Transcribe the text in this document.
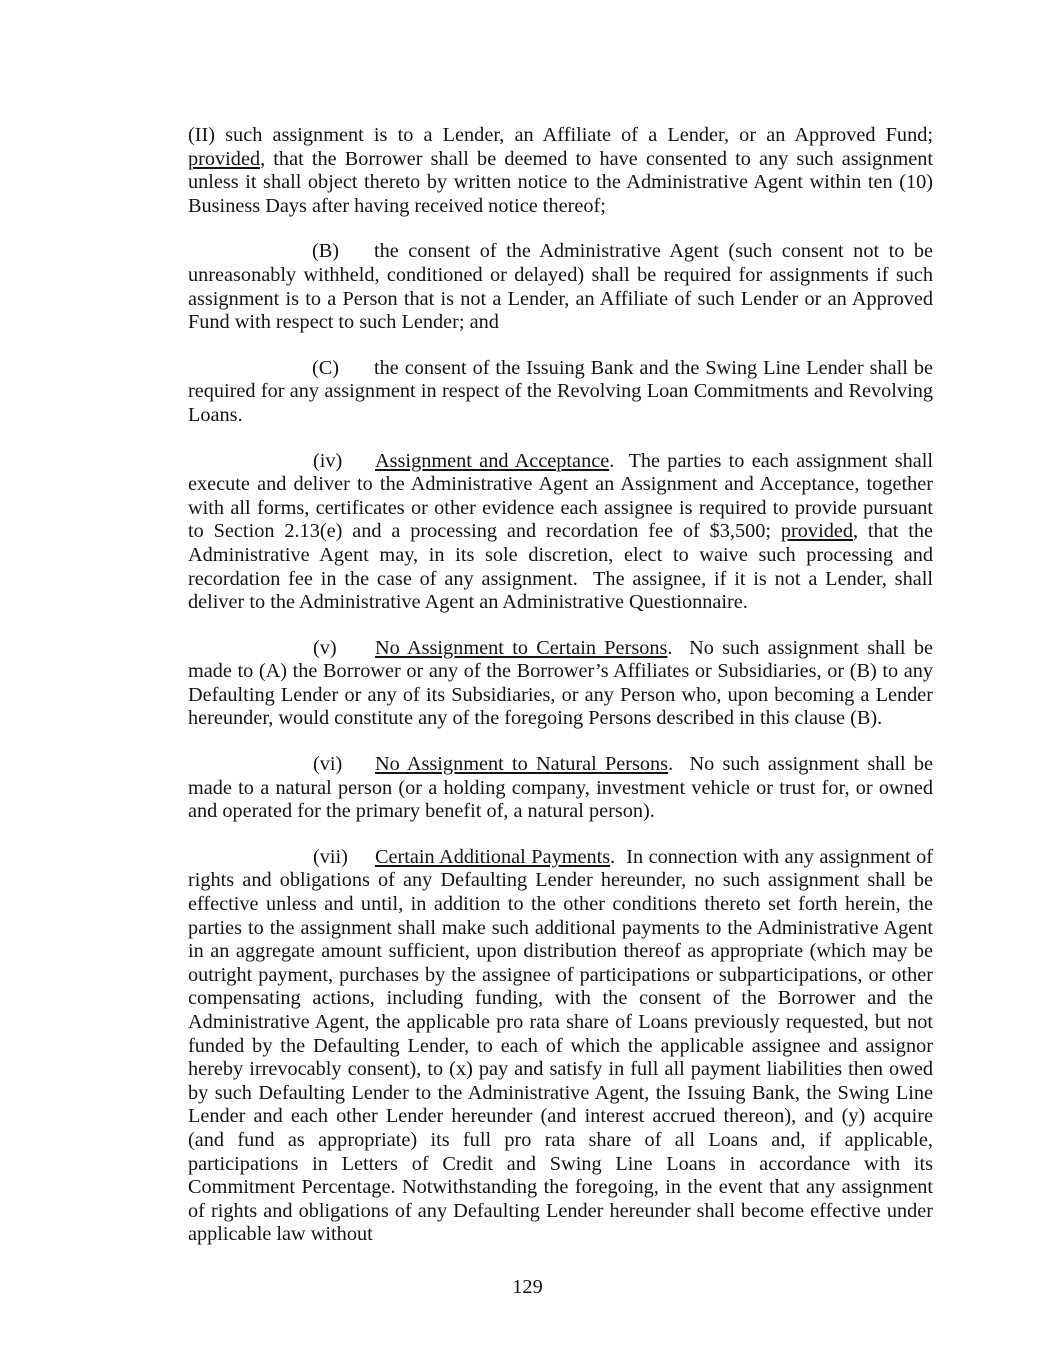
(II) such assignment is to a Lender, an Affiliate of a Lender, or an Approved Fund; provided, that the Borrower shall be deemed to have consented to any such assignment unless it shall object thereto by written notice to the Administrative Agent within ten (10) Business Days after having received notice thereof;

(B) the consent of the Administrative Agent (such consent not to be unreasonably withheld, conditioned or delayed) shall be required for assignments if such assignment is to a Person that is not a Lender, an Affiliate of such Lender or an Approved Fund with respect to such Lender; and

(C) the consent of the Issuing Bank and the Swing Line Lender shall be required for any assignment in respect of the Revolving Loan Commitments and Revolving Loans.

(iv) Assignment and Acceptance.  The parties to each assignment shall execute and deliver to the Administrative Agent an Assignment and Acceptance, together with all forms, certificates or other evidence each assignee is required to provide pursuant to Section 2.13(e) and a processing and recordation fee of $3,500; provided, that the Administrative Agent may, in its sole discretion, elect to waive such processing and recordation fee in the case of any assignment.  The assignee, if it is not a Lender, shall deliver to the Administrative Agent an Administrative Questionnaire.

(v) No Assignment to Certain Persons.  No such assignment shall be made to (A) the Borrower or any of the Borrower’s Affiliates or Subsidiaries, or (B) to any Defaulting Lender or any of its Subsidiaries, or any Person who, upon becoming a Lender hereunder, would constitute any of the foregoing Persons described in this clause (B).

(vi) No Assignment to Natural Persons.  No such assignment shall be made to a natural person (or a holding company, investment vehicle or trust for, or owned and operated for the primary benefit of, a natural person).

(vii) Certain Additional Payments.  In connection with any assignment of rights and obligations of any Defaulting Lender hereunder, no such assignment shall be effective unless and until, in addition to the other conditions thereto set forth herein, the parties to the assignment shall make such additional payments to the Administrative Agent in an aggregate amount sufficient, upon distribution thereof as appropriate (which may be outright payment, purchases by the assignee of participations or subparticipations, or other compensating actions, including funding, with the consent of the Borrower and the Administrative Agent, the applicable pro rata share of Loans previously requested, but not funded by the Defaulting Lender, to each of which the applicable assignee and assignor hereby irrevocably consent), to (x) pay and satisfy in full all payment liabilities then owed by such Defaulting Lender to the Administrative Agent, the Issuing Bank, the Swing Line Lender and each other Lender hereunder (and interest accrued thereon), and (y) acquire (and fund as appropriate) its full pro rata share of all Loans and, if applicable, participations in Letters of Credit and Swing Line Loans in accordance with its Commitment Percentage. Notwithstanding the foregoing, in the event that any assignment of rights and obligations of any Defaulting Lender hereunder shall become effective under applicable law without

129
